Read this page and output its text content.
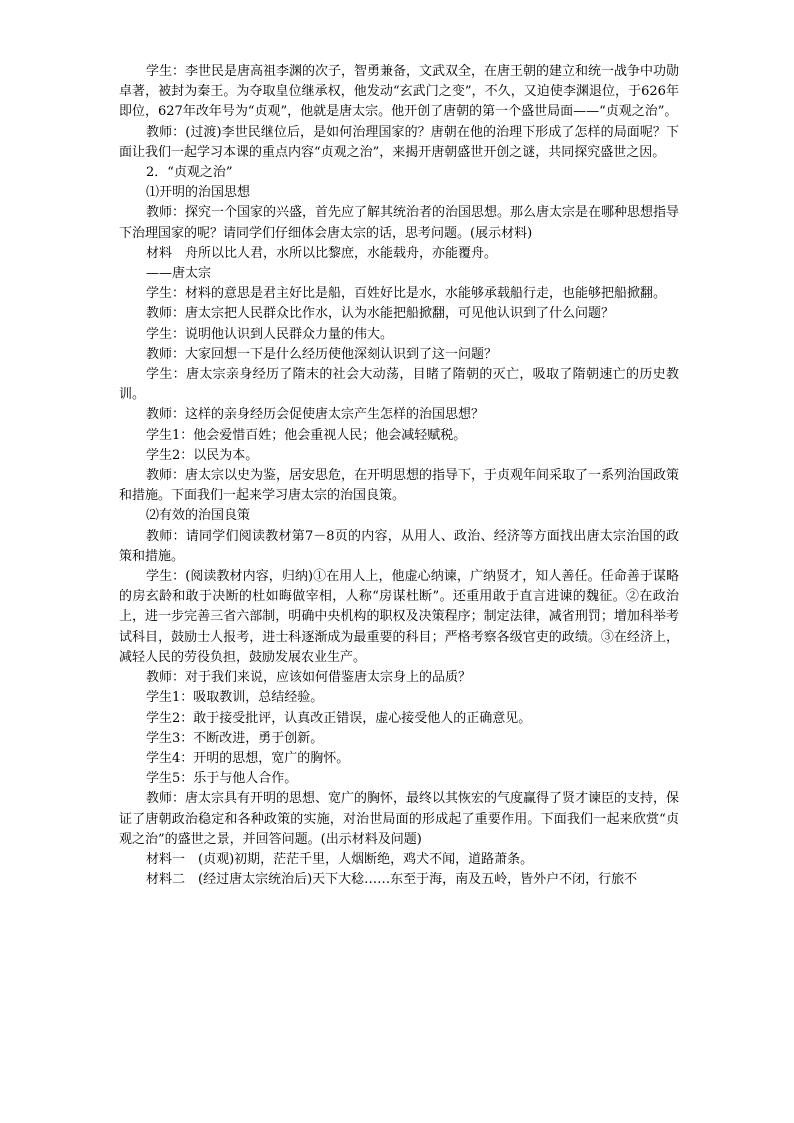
学生：李世民是唐高祖李渊的次子，智勇兼备，文武双全，在唐王朝的建立和统一战争中功勋卓著，被封为秦王。为夺取皇位继承权，他发动“玄武门之变”，不久，又迫使李渊退位，于626年即位，627年改年号为“贞观”，他就是唐太宗。他开创了唐朝的第一个盛世局面——“贞观之治”。

教师：(过渡)李世民继位后，是如何治理国家的？唐朝在他的治理下形成了怎样的局面呢？下面让我们一起学习本课的重点内容“贞观之治”，来揭开唐朝盛世开创之谜，共同探究盛世之因。

2．“贞观之治”

⑴开明的治国思想

教师：探究一个国家的兴盛，首先应了解其统治者的治国思想。那么唐太宗是在哪种思想指导下治理国家的呢？请同学们仔细体会唐太宗的话，思考问题。(展示材料)

材料　舟所以比人君，水所以比黎庶，水能载舟，亦能覆舟。

——唐太宗

学生：材料的意思是君主好比是船，百姓好比是水，水能够承载船行走，也能够把船掀翻。

教师：唐太宗把人民群众比作水，认为水能把船掀翻，可见他认识到了什么问题？

学生：说明他认识到人民群众力量的伟大。

教师：大家回想一下是什么经历使他深刻认识到了这一问题？

学生：唐太宗亲身经历了隋末的社会大动荡，目睹了隋朝的灭亡，吸取了隋朝速亡的历史教训。

教师：这样的亲身经历会促使唐太宗产生怎样的治国思想？

学生1：他会爱惜百姓；他会重视人民；他会减轻赋税。

学生2：以民为本。

教师：唐太宗以史为鉴，居安思危，在开明思想的指导下，于贞观年间采取了一系列治国政策和措施。下面我们一起来学习唐太宗的治国良策。

⑵有效的治国良策

教师：请同学们阅读教材第7－8页的内容，从用人、政治、经济等方面找出唐太宗治国的政策和措施。

学生：(阅读教材内容，归纳)①在用人上，他虚心纳谏，广纳贤才，知人善任。任命善于谋略的房玄龄和敢于决断的杜如晦做宰相，人称“房谋杜断”。还重用敢于直言进谏的魏征。②在政治上，进一步完善三省六部制，明确中央机构的职权及决策程序；制定法律，减省刑罚；增加科举考试科目，鼓励士人报考，进士科逐渐成为最重要的科目；严格考察各级官吏的政绩。③在经济上，减轻人民的劳役负担，鼓励发展农业生产。

教师：对于我们来说，应该如何借鉴唐太宗身上的品质？

学生1：吸取教训，总结经验。

学生2：敢于接受批评，认真改正错误，虚心接受他人的正确意见。

学生3：不断改进，勇于创新。

学生4：开明的思想，宽广的胸怀。

学生5：乐于与他人合作。

教师：唐太宗具有开明的思想、宽广的胸怀，最终以其恢宏的气度赢得了贤才谏臣的支持，保证了唐朝政治稳定和各种政策的实施，对治世局面的形成起了重要作用。下面我们一起来欣赏“贞观之治”的盛世之景，并回答问题。(出示材料及问题)

材料一　(贞观)初期，茫茫千里，人烟断绝，鸡犬不闻，道路萧条。

材料二　(经过唐太宗统治后)天下大稔……东至于海，南及五岭，皆外户不闭，行旅不
